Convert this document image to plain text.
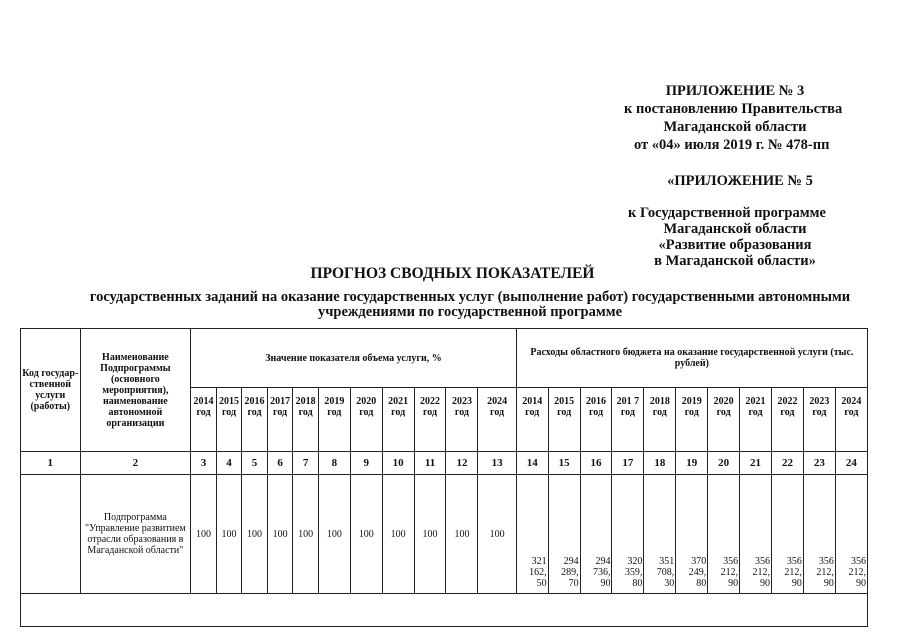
ПРИЛОЖЕНИЕ № 3
к постановлению Правительства
Магаданской области
от «04» июля 2019 г. № 478-пп
«ПРИЛОЖЕНИЕ № 5
к Государственной программе
Магаданской области
«Развитие образования
в Магаданской области»
ПРОГНОЗ СВОДНЫХ ПОКАЗАТЕЛЕЙ
государственных заданий на оказание государственных услуг (выполнение работ) государственными автономными учреждениями по государственной программе
Код государ-ственной услуги (работы)	Наименование Подпрограммы (основного мероприятия), наименование автономной организации	Значение показателя объема услуги, %											Расходы областного бюджета на оказание государственной услуги (тыс. рублей)										
		2014 год	2015 год	2016 год	2017 год	2018 год	2019 год	2020 год	2021 год	2022 год	2023 год	2024 год	2014 год	2015 год	2016 год	201 7 год	2018 год	2019 год	2020 год	2021 год	2022 год	2023 год	2024 год
1	2	3	4	5	6	7	8	9	10	11	12	13	14	15	16	17	18	19	20	21	22	23	24
	Подпрограмма "Управление развитием отрасли образования в Магаданской области"	100	100	100	100	100	100	100	100	100	100	100	321 162, 50	294 289, 70	294 736, 90	320 359, 80	351 708, 30	370 249, 80	356 212, 90	356 212, 90	356 212, 90	356 212, 90	356 212, 90
